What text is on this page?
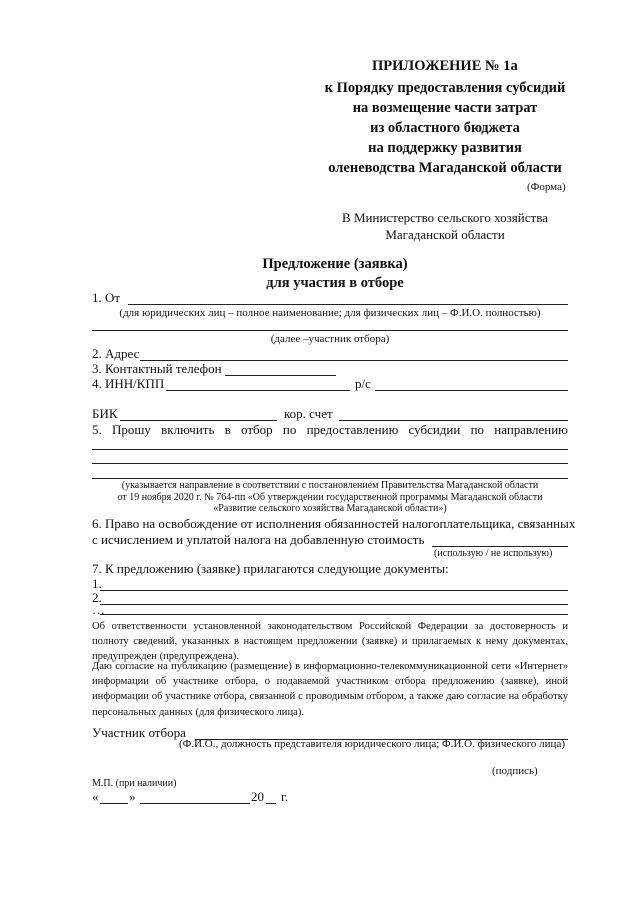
ПРИЛОЖЕНИЕ № 1а
к Порядку предоставления субсидий
на возмещение части затрат
из областного бюджета
на поддержку развития
оленеводства Магаданской области
(Форма)
В Министерство сельского хозяйства
Магаданской области
Предложение (заявка)
для участия в отборе
1. От
(для юридических лиц – полное наименование; для физических лиц – Ф.И.О. полностью)
(далее –участник отбора)
2. Адрес
3. Контактный телефон
4. ИНН/КПП	р/с
БИК	кор. счет
5. Прошу включить в отбор по предоставлению субсидии по направлению
(указывается направление в соответствии с постановлением Правительства Магаданской области
от 19 ноября 2020 г. № 764-пп «Об утверждении государственной программы Магаданской области
«Развитие сельского хозяйства Магаданской области»)
6. Право на освобождение от исполнения обязанностей налогоплательщика, связанных
с исчислением и уплатой налога на добавленную стоимость
(использую / не использую)
7. К предложению (заявке) прилагаются следующие документы:
1.
2.
…
Об ответственности установленной законодательством Российской Федерации за достоверность и полноту сведений, указанных в настоящем предложении (заявке) и прилагаемых к нему документах, предупрежден (предупреждена).
Даю согласие на публикацию (размещение) в информационно-телекоммуникационной сети «Интернет» информации об участнике отбора, о подаваемой участником отбора предложению (заявке), иной информации об участнике отбора, связанной с проводимым отбором, а также даю согласие на обработку персональных данных (для физического лица).
Участник отбора
(Ф.И.О., должность представителя юридического лица; Ф.И.О. физического лица)
(подпись)
М.П. (при наличии)
« »	20 г.
